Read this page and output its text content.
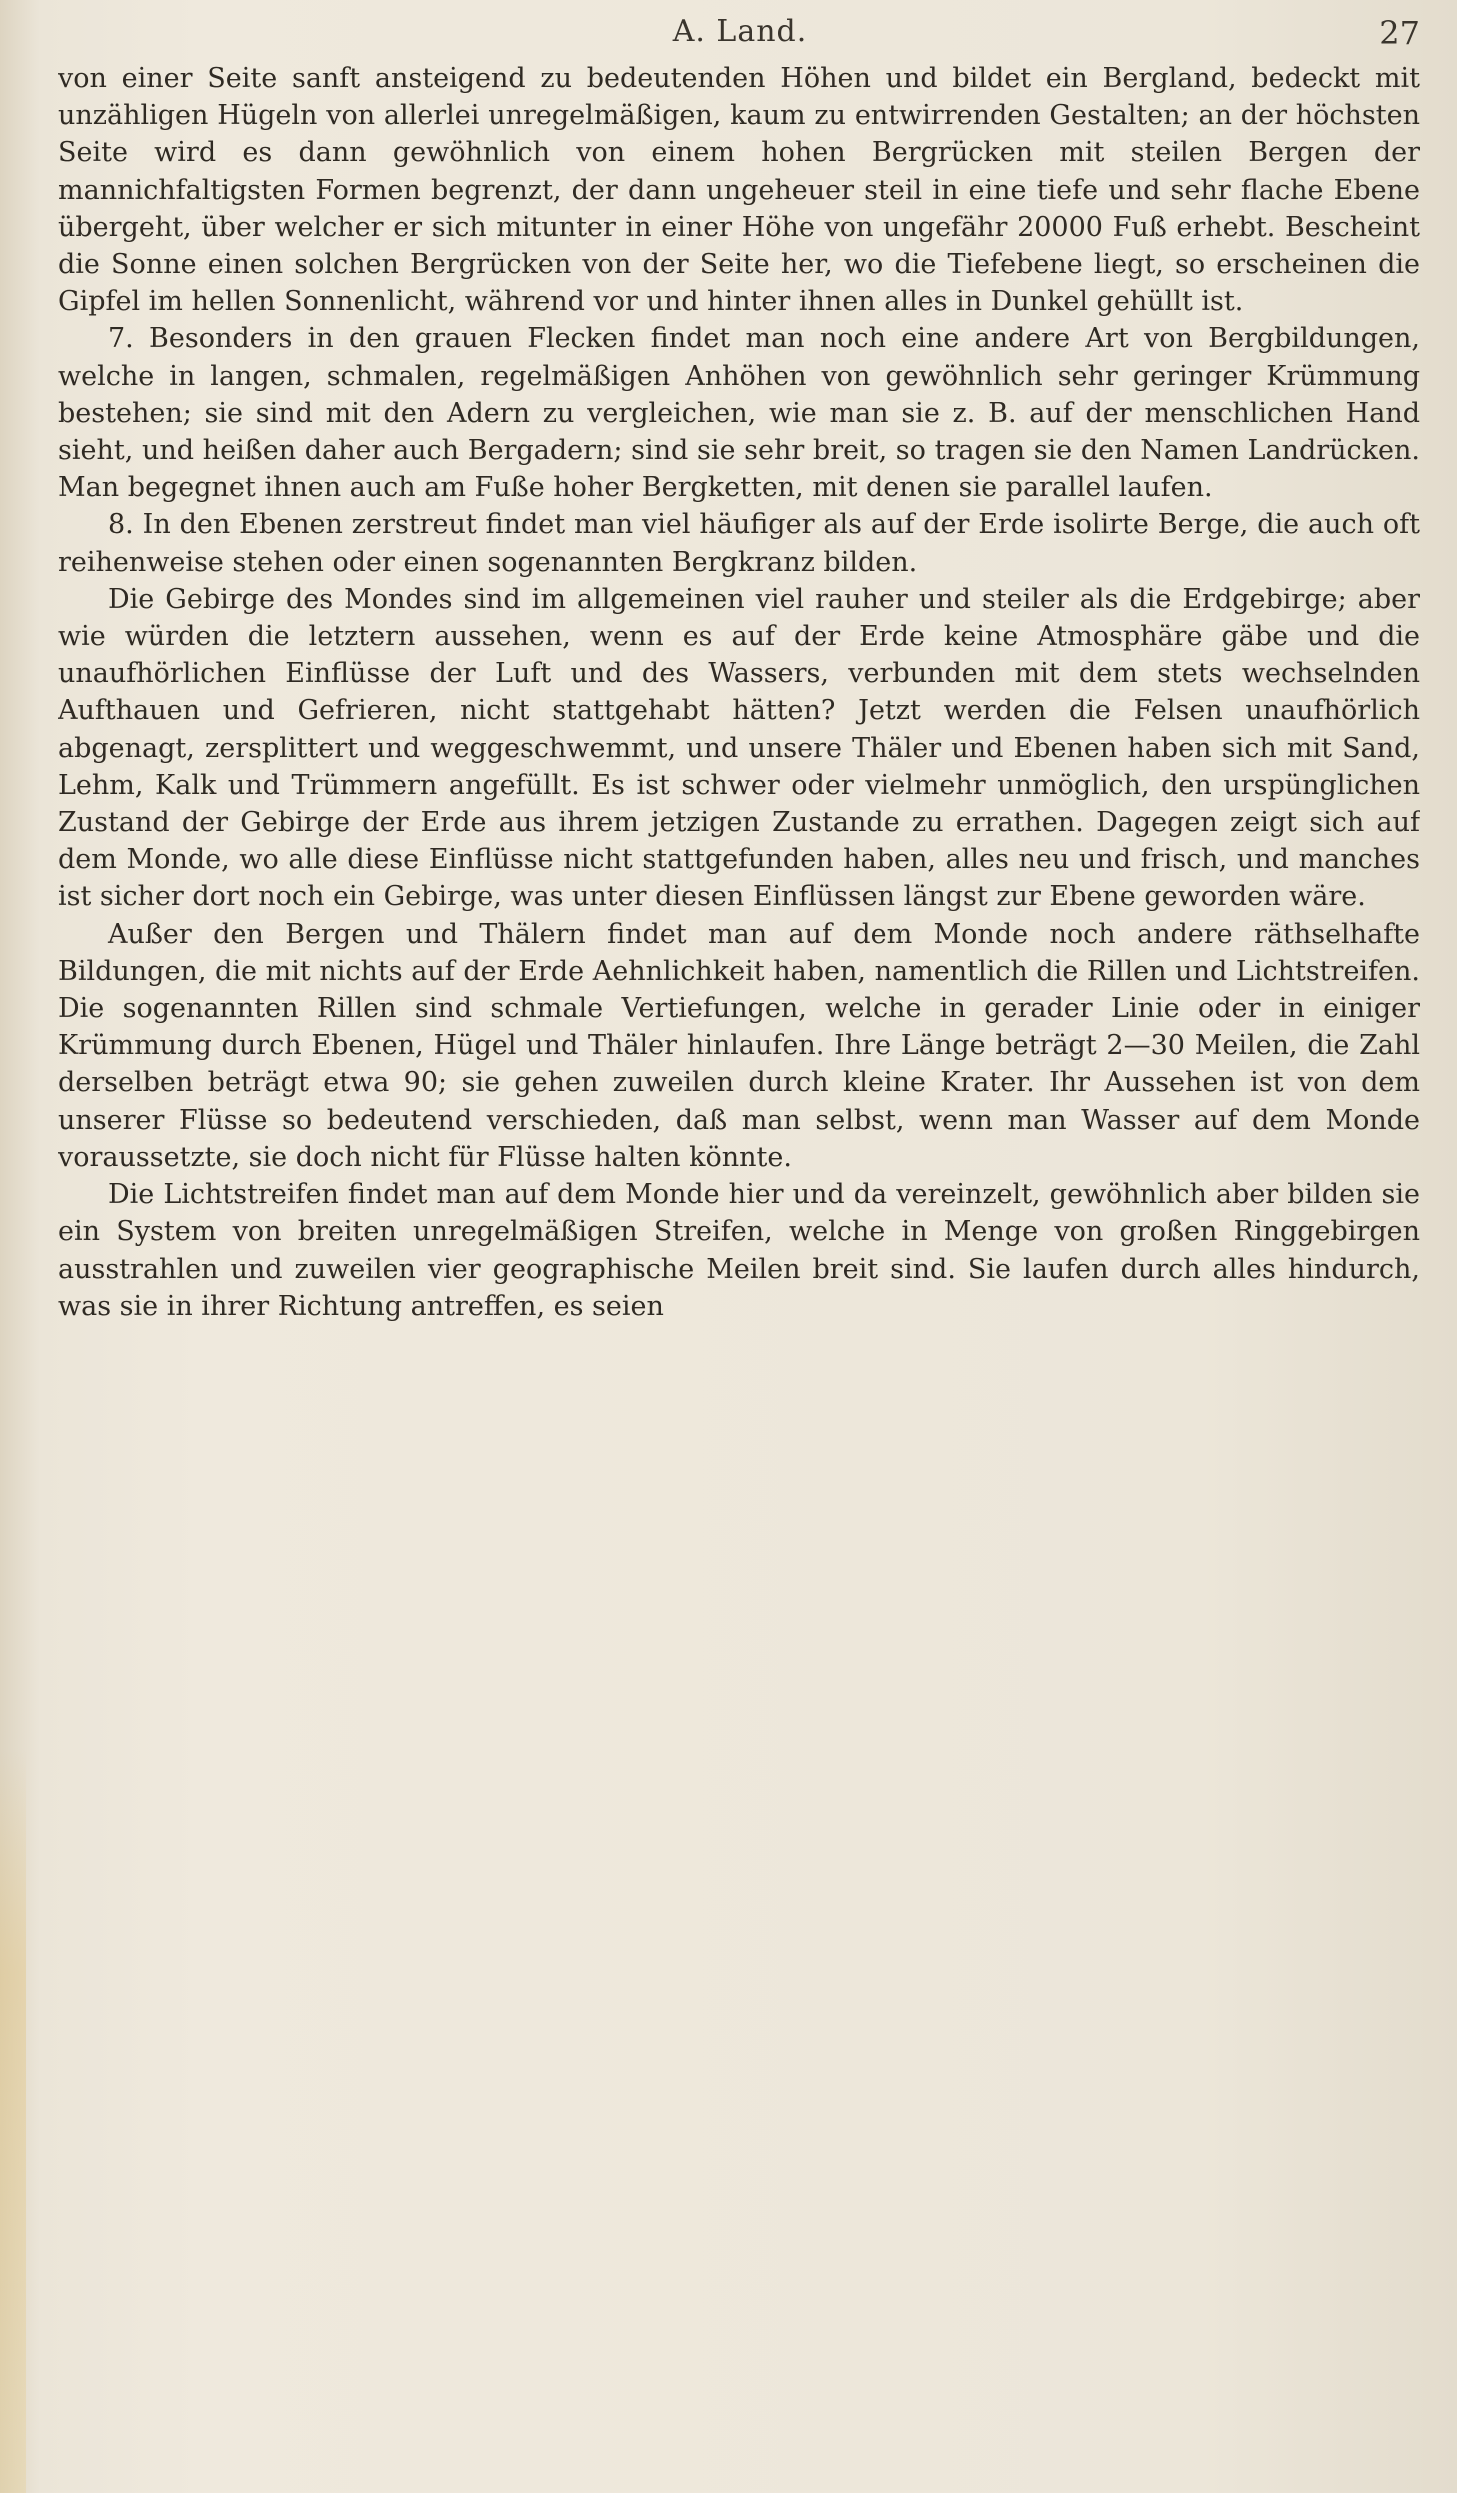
A. Land.	27

von einer Seite sanft ansteigend zu bedeutenden Höhen und bildet ein Bergland, bedeckt mit unzähligen Hügeln von allerlei unregelmäßigen, kaum zu entwirrenden Gestalten; an der höchsten Seite wird es dann gewöhnlich von einem hohen Bergrücken mit steilen Bergen der mannichfaltigsten Formen begrenzt, der dann ungeheuer steil in eine tiefe und sehr flache Ebene übergeht, über welcher er sich mitunter in einer Höhe von ungefähr 20000 Fuß erhebt. Bescheint die Sonne einen solchen Bergrücken von der Seite her, wo die Tiefebene liegt, so erscheinen die Gipfel im hellen Sonnenlicht, während vor und hinter ihnen alles in Dunkel gehüllt ist.

7. Besonders in den grauen Flecken findet man noch eine andere Art von Bergbildungen, welche in langen, schmalen, regelmäßigen Anhöhen von gewöhnlich sehr geringer Krümmung bestehen; sie sind mit den Adern zu vergleichen, wie man sie z. B. auf der menschlichen Hand sieht, und heißen daher auch Bergadern; sind sie sehr breit, so tragen sie den Namen Landrücken. Man begegnet ihnen auch am Fuße hoher Bergketten, mit denen sie parallel laufen.

8. In den Ebenen zerstreut findet man viel häufiger als auf der Erde isolirte Berge, die auch oft reihenweise stehen oder einen sogenannten Bergkranz bilden.

Die Gebirge des Mondes sind im allgemeinen viel rauher und steiler als die Erdgebirge; aber wie würden die letztern aussehen, wenn es auf der Erde keine Atmosphäre gäbe und die unaufhörlichen Einflüsse der Luft und des Wassers, verbunden mit dem stets wechselnden Aufthauen und Gefrieren, nicht stattgehabt hätten? Jetzt werden die Felsen unaufhörlich abgenagt, zersplittert und weggeschwemmt, und unsere Thäler und Ebenen haben sich mit Sand, Lehm, Kalk und Trümmern angefüllt. Es ist schwer oder vielmehr unmöglich, den urspünglichen Zustand der Gebirge der Erde aus ihrem jetzigen Zustande zu errathen. Dagegen zeigt sich auf dem Monde, wo alle diese Einflüsse nicht stattgefunden haben, alles neu und frisch, und manches ist sicher dort noch ein Gebirge, was unter diesen Einflüssen längst zur Ebene geworden wäre.

Außer den Bergen und Thälern findet man auf dem Monde noch andere räthselhafte Bildungen, die mit nichts auf der Erde Aehnlichkeit haben, namentlich die Rillen und Lichtstreifen. Die sogenannten Rillen sind schmale Vertiefungen, welche in gerader Linie oder in einiger Krümmung durch Ebenen, Hügel und Thäler hinlaufen. Ihre Länge beträgt 2—30 Meilen, die Zahl derselben beträgt etwa 90; sie gehen zuweilen durch kleine Krater. Ihr Aussehen ist von dem unserer Flüsse so bedeutend verschieden, daß man selbst, wenn man Wasser auf dem Monde voraussetzte, sie doch nicht für Flüsse halten könnte.

Die Lichtstreifen findet man auf dem Monde hier und da vereinzelt, gewöhnlich aber bilden sie ein System von breiten unregelmäßigen Streifen, welche in Menge von großen Ringgebirgen ausstrahlen und zuweilen vier geographische Meilen breit sind. Sie laufen durch alles hindurch, was sie in ihrer Richtung antreffen, es seien
